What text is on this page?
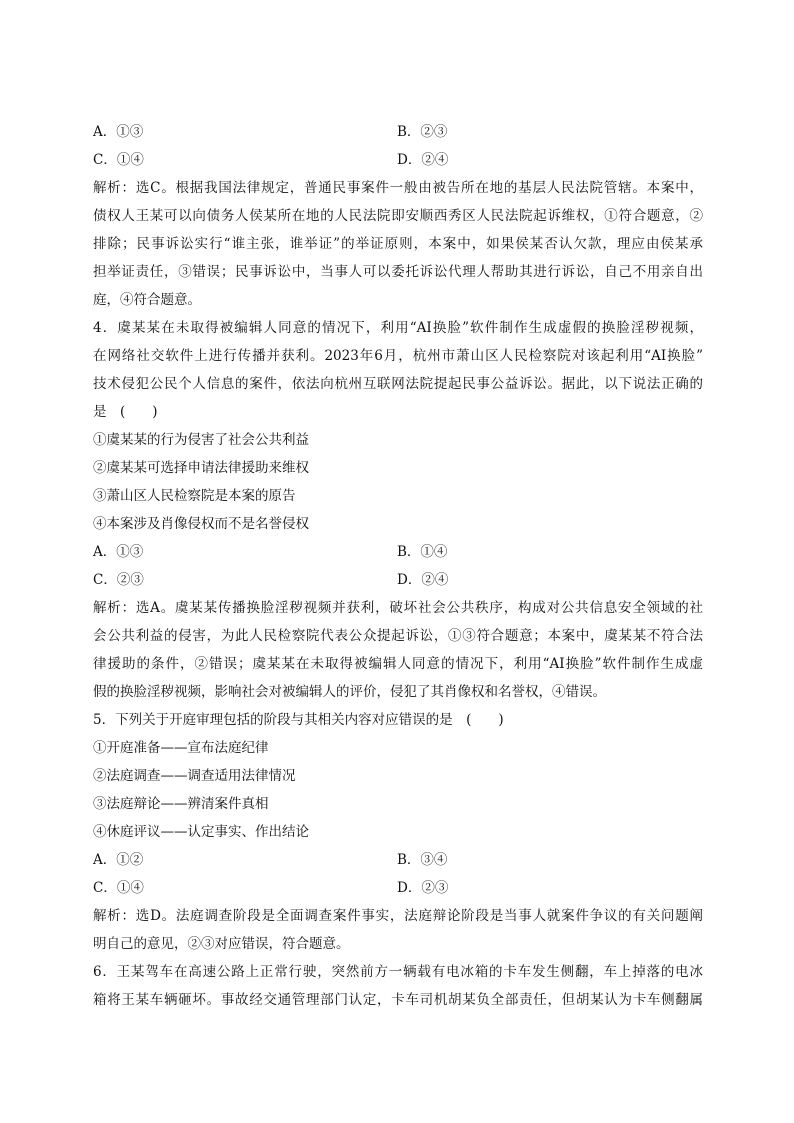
A．①③	B．②③
C．①④	D．②④
解析：选C。根据我国法律规定，普通民事案件一般由被告所在地的基层人民法院管辖。本案中，
债权人王某可以向债务人侯某所在地的人民法院即安顺西秀区人民法院起诉维权，①符合题意，②
排除；民事诉讼实行“谁主张，谁举证”的举证原则，本案中，如果侯某否认欠款，理应由侯某承
担举证责任，③错误；民事诉讼中，当事人可以委托诉讼代理人帮助其进行诉讼，自己不用亲自出
庭，④符合题意。
4．虞某某在未取得被编辑人同意的情况下，利用“AI换脸”软件制作生成虚假的换脸淫秽视频，
在网络社交软件上进行传播并获利。2023年6月，杭州市萧山区人民检察院对该起利用“AI换脸”
技术侵犯公民个人信息的案件，依法向杭州互联网法院提起民事公益诉讼。据此，以下说法正确的
是　(　　)
①虞某某的行为侵害了社会公共利益
②虞某某可选择申请法律援助来维权
③萧山区人民检察院是本案的原告
④本案涉及肖像侵权而不是名誉侵权
A．①③	B．①④
C．②③	D．②④
解析：选A。虞某某传播换脸淫秽视频并获利，破坏社会公共秩序，构成对公共信息安全领域的社
会公共利益的侵害，为此人民检察院代表公众提起诉讼，①③符合题意；本案中，虞某某不符合法
律援助的条件，②错误；虞某某在未取得被编辑人同意的情况下，利用“AI换脸”软件制作生成虚
假的换脸淫秽视频，影响社会对被编辑人的评价，侵犯了其肖像权和名誉权，④错误。
5．下列关于开庭审理包括的阶段与其相关内容对应错误的是　(　　)
①开庭准备——宣布法庭纪律
②法庭调查——调查适用法律情况
③法庭辩论——辨清案件真相
④休庭评议——认定事实、作出结论
A．①②	B．③④
C．①④	D．②③
解析：选D。法庭调查阶段是全面调查案件事实，法庭辩论阶段是当事人就案件争议的有关问题阐
明自己的意见，②③对应错误，符合题意。
6．王某驾车在高速公路上正常行驶，突然前方一辆载有电冰箱的卡车发生侧翻，车上掉落的电冰
箱将王某车辆砸坏。事故经交通管理部门认定，卡车司机胡某负全部责任，但胡某认为卡车侧翻属
